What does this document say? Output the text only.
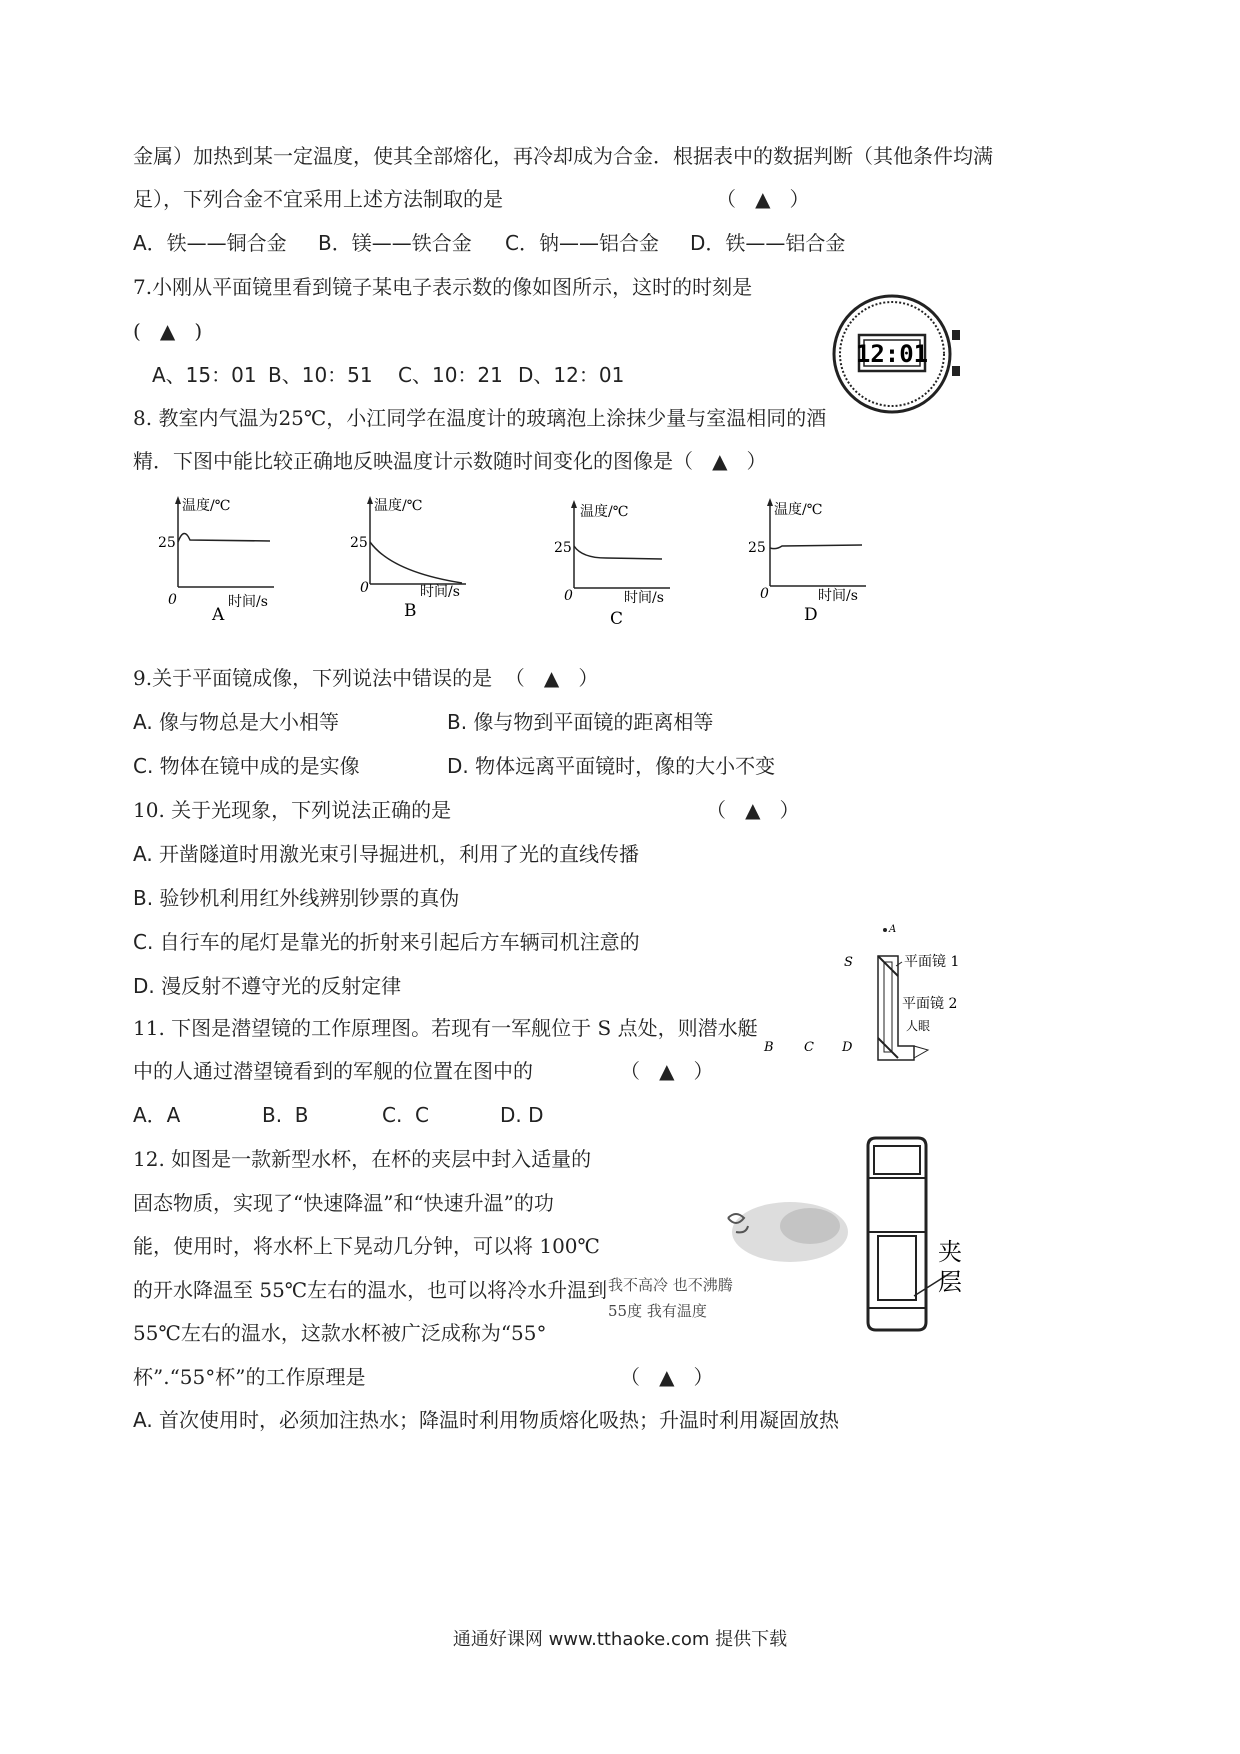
金属）加热到某一定温度，使其全部熔化，再冷却成为合金．根据表中的数据判断（其他条件均满
足），下列合金不宜采用上述方法制取的是	（   ▲   ）
A．铁——铜合金 B．镁——铁合金 C．钠——铝合金 D．铁——铝合金
7.小刚从平面镜里看到镜子某电子表示数的像如图所示，这时的时刻是
(   ▲   )
A、15：01 B、10：51 C、10：21 D、12：01
12:01
8. 教室内气温为25℃，小江同学在温度计的玻璃泡上涂抹少量与室温相同的酒
精．下图中能比较正确地反映温度计示数随时间变化的图像是（   ▲   ）
温度/℃
25
0	时间/s
A
温度/℃
25
0	时间/s
B
温度/℃
25
0	时间/s
C
温度/℃
25
0	时间/s
D
9.关于平面镜成像，下列说法中错误的是  （   ▲   ）
A. 像与物总是大小相等	B. 像与物到平面镜的距离相等
C. 物体在镜中成的是实像	D. 物体远离平面镜时，像的大小不变
10. 关于光现象，下列说法正确的是	（   ▲   ）
A. 开凿隧道时用激光束引导掘进机，利用了光的直线传播
B. 验钞机利用红外线辨别钞票的真伪
C. 自行车的尾灯是靠光的折射来引起后方车辆司机注意的
D. 漫反射不遵守光的反射定律
A
S	平面镜 1
平面镜 2
人眼
B C D
11. 下图是潜望镜的工作原理图。若现有一军舰位于 S 点处，则潜水艇
中的人通过潜望镜看到的军舰的位置在图中的	（   ▲   ）
A．A	B.  B	C.  C	D. D
12. 如图是一款新型水杯，在杯的夹层中封入适量的
固态物质，实现了“快速降温”和“快速升温”的功
能，使用时，将水杯上下晃动几分钟，可以将 100℃
的开水降温至 55℃左右的温水，也可以将冷水升温到
55℃左右的温水，这款水杯被广泛成称为“55°
杯”.“55°杯”的工作原理是	（   ▲   ）
A. 首次使用时，必须加注热水；降温时利用物质熔化吸热；升温时利用凝固放热
我不高冷 也不沸腾
55度 我有温度
夹
层
通通好课网 www.tthaoke.com 提供下载
